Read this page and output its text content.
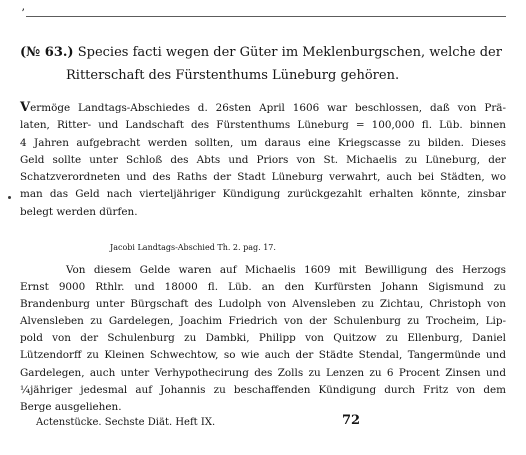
ʼ
(№ 63.) Species facti wegen der Güter im Meklenburgschen, welche der
Ritterschaft des Fürstenthums Lüneburg gehören.
Vermöge Landtags-Abschiedes d. 26sten April 1606 war beschlossen, daß von Prä-
laten, Ritter- und Landschaft des Fürstenthums Lüneburg = 100,000 fl. Lüb. binnen
4 Jahren aufgebracht werden sollten, um daraus eine Kriegscasse zu bilden. Dieses
Geld sollte unter Schloß des Abts und Priors von St. Michaelis zu Lüneburg, der
Schatzverordneten und des Raths der Stadt Lüneburg verwahrt, auch bei Städten, wo
man das Geld nach vierteljähriger Kündigung zurückgezahlt erhalten könnte, zinsbar
belegt werden dürfen.
Jacobi Landtags-Abschied Th. 2. pag. 17.
Von diesem Gelde waren auf Michaelis 1609 mit Bewilligung des Herzogs
Ernst 9000 Rthlr. und 18000 fl. Lüb. an den Kurfürsten Johann Sigismund zu
Brandenburg unter Bürgschaft des Ludolph von Alvensleben zu Zichtau, Christoph von
Alvensleben zu Gardelegen, Joachim Friedrich von der Schulenburg zu Trocheim, Lip-
pold von der Schulenburg zu Dambki, Philipp von Quitzow zu Ellenburg, Daniel
Lützendorff zu Kleinen Schwechtow, so wie auch der Städte Stendal, Tangermünde und
Gardelegen, auch unter Verhypothecirung des Zolls zu Lenzen zu 6 Procent Zinsen und
¼jähriger jedesmal auf Johannis zu beschaffenden Kündigung durch Fritz von dem
Berge ausgeliehen.
Actenstücke. Sechste Diät. Heft IX.	72
